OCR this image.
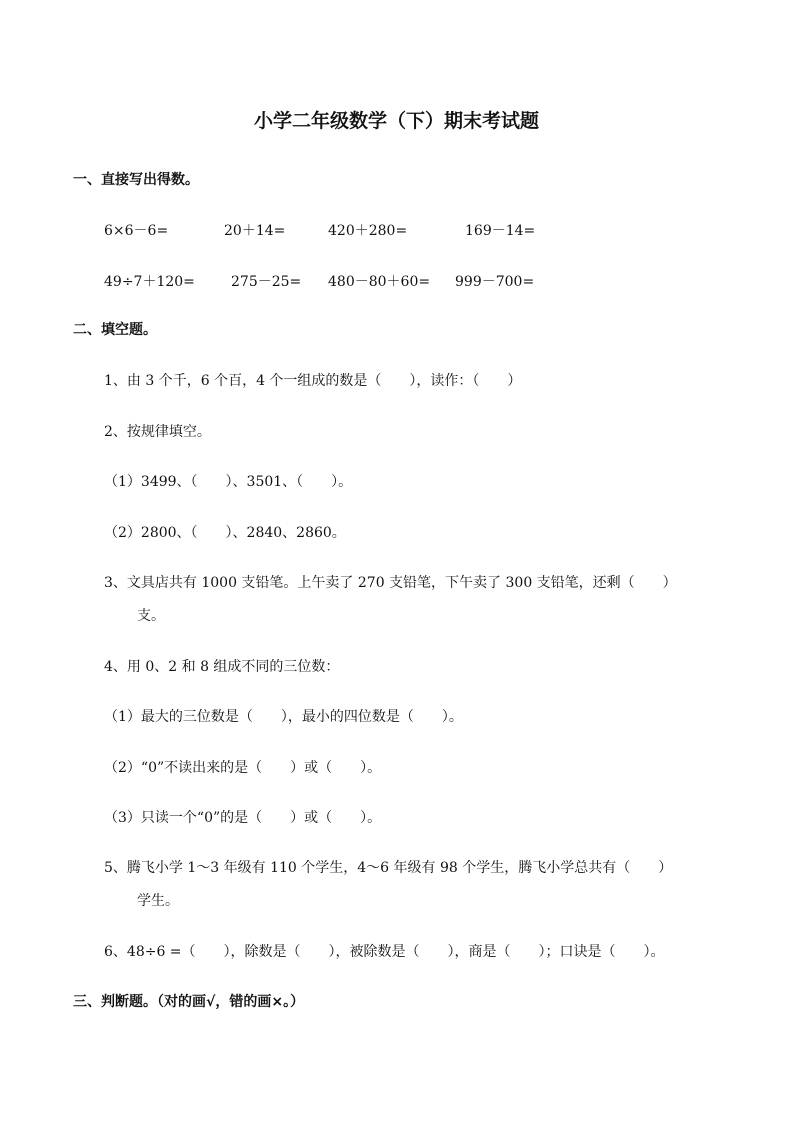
小学二年级数学（下）期末考试题
一、直接写出得数。
6×6－6=	20＋14=	420＋280=	169－14=
49÷7＋120=	275－25= 480－80＋60= 999－700=
二、填空题。
1、由 3 个千，6 个百，4 个一组成的数是（　　），读作：（　　）
2、按规律填空。
（1）3499、（　　）、3501、（　　）。
（2）2800、（　　）、2840、2860。
3、文具店共有 1000 支铅笔。上午卖了 270 支铅笔，下午卖了 300 支铅笔，还剩（　　）
支。
4、用 0、2 和 8 组成不同的三位数：
（1）最大的三位数是（　　），最小的四位数是（　　）。
（2）“0”不读出来的是（　　）或（　　）。
（3）只读一个“0”的是（　　）或（　　）。
5、腾飞小学 1～3 年级有 110 个学生，4～6 年级有 98 个学生，腾飞小学总共有（　　）
学生。
6、48÷6 =（　　），除数是（　　），被除数是（　　），商是（　　）；口诀是（　　）。
三、判断题。（对的画√，错的画×。）
